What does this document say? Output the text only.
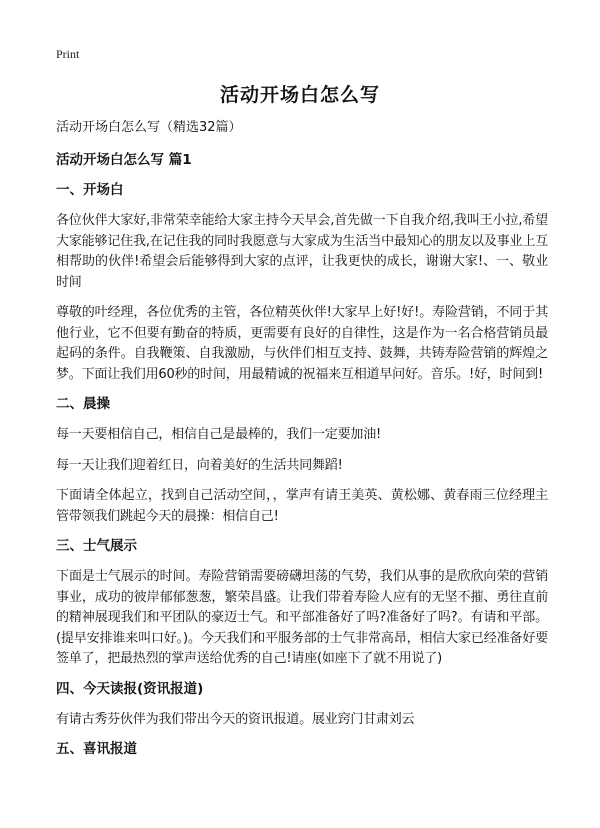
Print
活动开场白怎么写

活动开场白怎么写（精选32篇）

活动开场白怎么写 篇1

一、开场白

各位伙伴大家好,非常荣幸能给大家主持今天早会,首先做一下自我介绍,我叫王小拉,希望大家能够记住我,在记住我的同时我愿意与大家成为生活当中最知心的朋友以及事业上互相帮助的伙伴!希望会后能够得到大家的点评，让我更快的成长，谢谢大家!、一、敬业时间

尊敬的叶经理，各位优秀的主管，各位精英伙伴!大家早上好!好!。寿险营销，不同于其他行业，它不但要有勤奋的特质，更需要有良好的自律性，这是作为一名合格营销员最起码的条件。自我鞭策、自我激励，与伙伴们相互支持、鼓舞，共铸寿险营销的辉煌之梦。下面让我们用60秒的时间，用最精诚的祝福来互相道早问好。音乐。!好，时间到!

二、晨操

每一天要相信自己，相信自己是最棒的，我们一定要加油!

每一天让我们迎着红日，向着美好的生活共同舞蹈!

下面请全体起立，找到自己活动空间，，掌声有请王美英、黄松娜、黄春雨三位经理主管带领我们跳起今天的晨操：相信自己!

三、士气展示

下面是士气展示的时间。寿险营销需要磅礴坦荡的气势，我们从事的是欣欣向荣的营销事业，成功的彼岸郁郁葱葱，繁荣昌盛。让我们带着寿险人应有的无坚不摧、勇往直前的精神展现我们和平团队的豪迈士气。和平部准备好了吗?准备好了吗?。有请和平部。(提早安排谁来叫口好。)。今天我们和平服务部的士气非常高昂，相信大家已经准备好要签单了，把最热烈的掌声送给优秀的自己!请座(如座下了就不用说了)

四、今天读报(资讯报道)

有请古秀芬伙伴为我们带出今天的资讯报道。展业窍门甘肃刘云

五、喜讯报道
